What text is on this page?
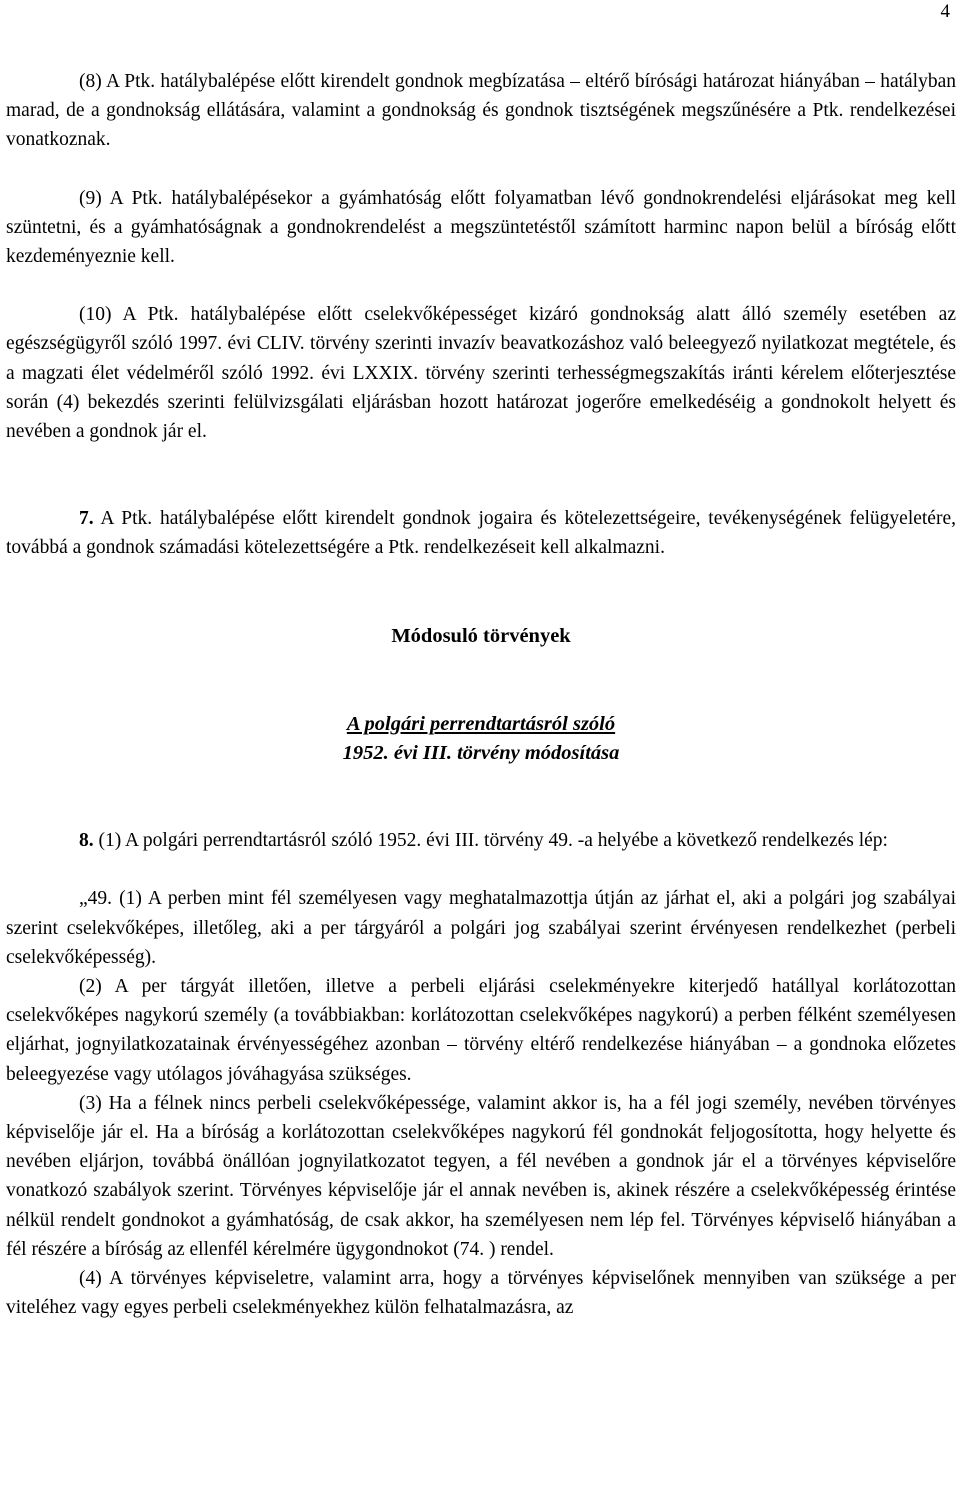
4

(8) A Ptk. hatálybalépése előtt kirendelt gondnok megbízatása – eltérő bírósági határozat hiányában – hatályban marad, de a gondnokság ellátására, valamint a gondnokság és gondnok tisztségének megszűnésére a Ptk. rendelkezései vonatkoznak.

(9) A Ptk. hatálybalépésekor a gyámhatóság előtt folyamatban lévő gondnokrendelési eljárásokat meg kell szüntetni, és a gyámhatóságnak a gondnokrendelést a megszüntetéstől számított harminc napon belül a bíróság előtt kezdeményeznie kell.

(10) A Ptk. hatálybalépése előtt cselekvőképességet kizáró gondnokság alatt álló személy esetében az egészségügyről szóló 1997. évi CLIV. törvény szerinti invazív beavatkozáshoz való beleegyező nyilatkozat megtétele, és a magzati élet védelméről szóló 1992. évi LXXIX. törvény szerinti terhességmegszakítás iránti kérelem előterjesztése során (4) bekezdés szerinti felülvizsgálati eljárásban hozott határozat jogerőre emelkedéséig a gondnokolt helyett és nevében a gondnok jár el.

7. A Ptk. hatálybalépése előtt kirendelt gondnok jogaira és kötelezettségeire, tevékenységének felügyeletére, továbbá a gondnok számadási kötelezettségére a Ptk. rendelkezéseit kell alkalmazni.

Módosuló törvények

A polgári perrendtartásról szóló

1952. évi III. törvény módosítása

8. (1) A polgári perrendtartásról szóló 1952. évi III. törvény 49. -a helyébe a következő rendelkezés lép:

„49. (1) A perben mint fél személyesen vagy meghatalmazottja útján az járhat el, aki a polgári jog szabályai szerint cselekvőképes, illetőleg, aki a per tárgyáról a polgári jog szabályai szerint érvényesen rendelkezhet (perbeli cselekvőképesség).

(2) A per tárgyát illetően, illetve a perbeli eljárási cselekményekre kiterjedő hatállyal korlátozottan cselekvőképes nagykorú személy (a továbbiakban: korlátozottan cselekvőképes nagykorú) a perben félként személyesen eljárhat, jognyilatkozatainak érvényességéhez azonban – törvény eltérő rendelkezése hiányában – a gondnoka előzetes beleegyezése vagy utólagos jóváhagyása szükséges.

(3) Ha a félnek nincs perbeli cselekvőképessége, valamint akkor is, ha a fél jogi személy, nevében törvényes képviselője jár el. Ha a bíróság a korlátozottan cselekvőképes nagykorú fél gondnokát feljogosította, hogy helyette és nevében eljárjon, továbbá önállóan jognyilatkozatot tegyen, a fél nevében a gondnok jár el a törvényes képviselőre vonatkozó szabályok szerint. Törvényes képviselője jár el annak nevében is, akinek részére a cselekvőképesség érintése nélkül rendelt gondnokot a gyámhatóság, de csak akkor, ha személyesen nem lép fel. Törvényes képviselő hiányában a fél részére a bíróság az ellenfél kérelmére ügygondnokot (74. ) rendel.

(4) A törvényes képviseletre, valamint arra, hogy a törvényes képviselőnek mennyiben van szüksége a per viteléhez vagy egyes perbeli cselekményekhez külön felhatalmazásra, az
